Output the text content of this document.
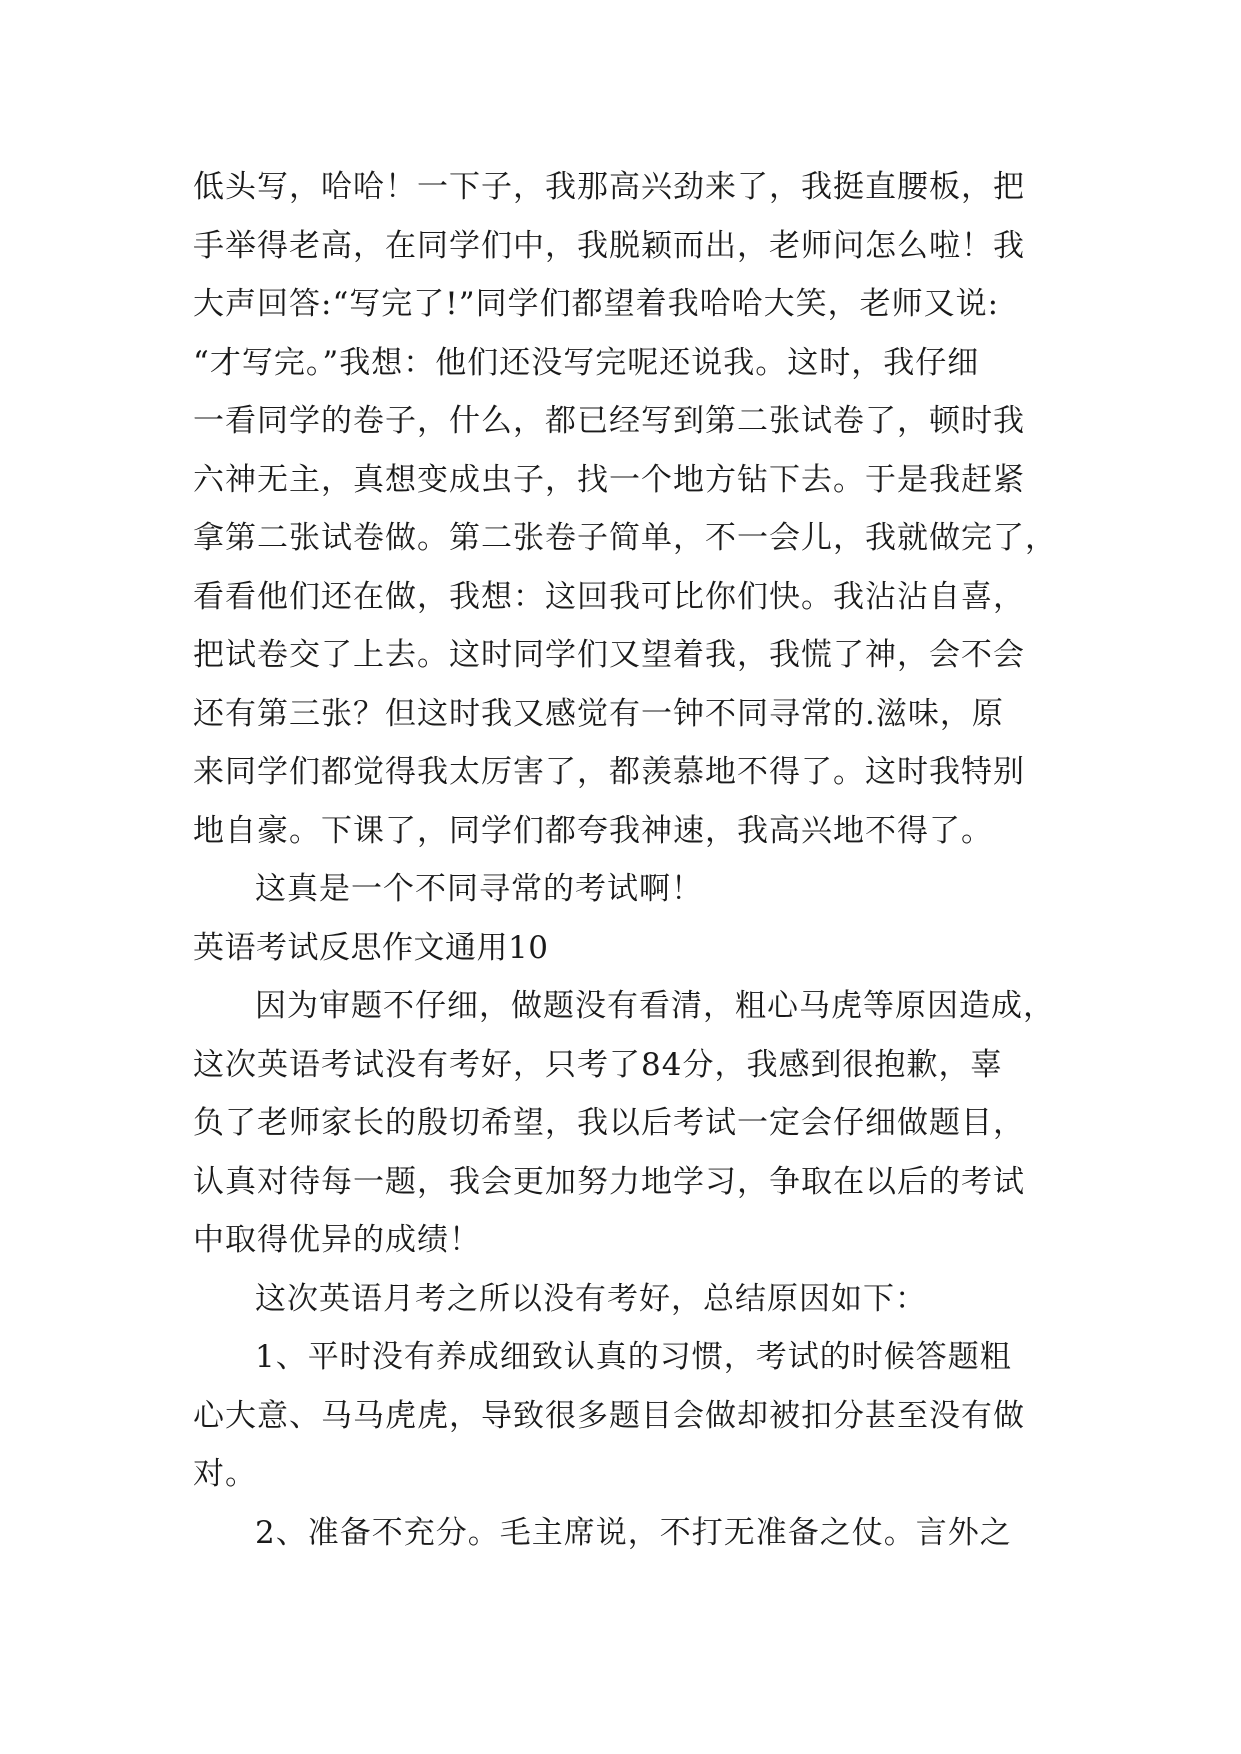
低头写，哈哈！一下子，我那高兴劲来了，我挺直腰板，把
手举得老高，在同学们中，我脱颖而出，老师问怎么啦！我
大声回答:“写完了!”同学们都望着我哈哈大笑，老师又说:
“才写完。”我想：他们还没写完呢还说我。这时，我仔细
一看同学的卷子，什么，都已经写到第二张试卷了，顿时我
六神无主，真想变成虫子，找一个地方钻下去。于是我赶紧
拿第二张试卷做。第二张卷子简单，不一会儿，我就做完了，
看看他们还在做，我想：这回我可比你们快。我沾沾自喜，
把试卷交了上去。这时同学们又望着我，我慌了神，会不会
还有第三张？但这时我又感觉有一钟不同寻常的.滋味，原
来同学们都觉得我太厉害了，都羡慕地不得了。这时我特别
地自豪。下课了，同学们都夸我神速，我高兴地不得了。
这真是一个不同寻常的考试啊！
英语考试反思作文通用10
因为审题不仔细，做题没有看清，粗心马虎等原因造成，
这次英语考试没有考好，只考了84分，我感到很抱歉，辜
负了老师家长的殷切希望，我以后考试一定会仔细做题目，
认真对待每一题，我会更加努力地学习，争取在以后的考试
中取得优异的成绩！
这次英语月考之所以没有考好，总结原因如下：
1、平时没有养成细致认真的习惯，考试的时候答题粗
心大意、马马虎虎，导致很多题目会做却被扣分甚至没有做
对。
2、准备不充分。毛主席说，不打无准备之仗。言外之
